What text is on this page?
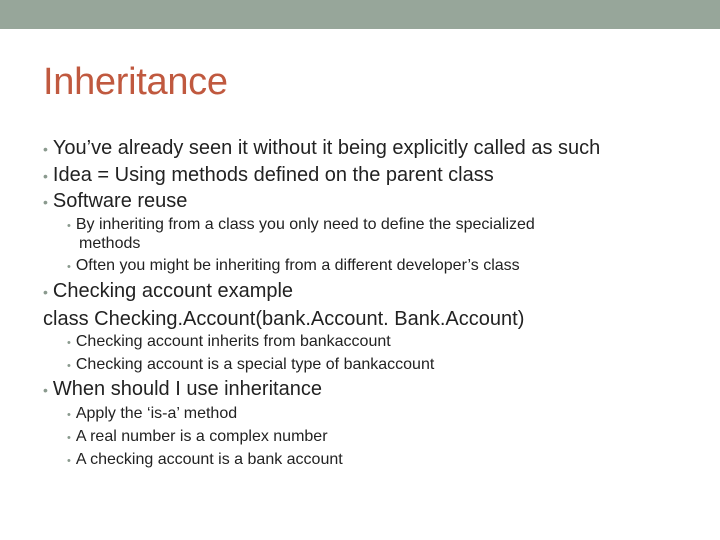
Inheritance
• You’ve already seen it without it being explicitly called as such
• Idea = Using methods defined on the parent class
• Software reuse
• By inheriting from a class you only need to define the specialized
methods
• Often you might be inheriting from a different developer’s class
• Checking account example
class Checking.Account(bank.Account. Bank.Account)
• Checking account inherits from bankaccount
• Checking account is a special type of bankaccount
• When should I use inheritance
• Apply the ‘is-a’ method
• A real number is a complex number
• A checking account is a bank account
